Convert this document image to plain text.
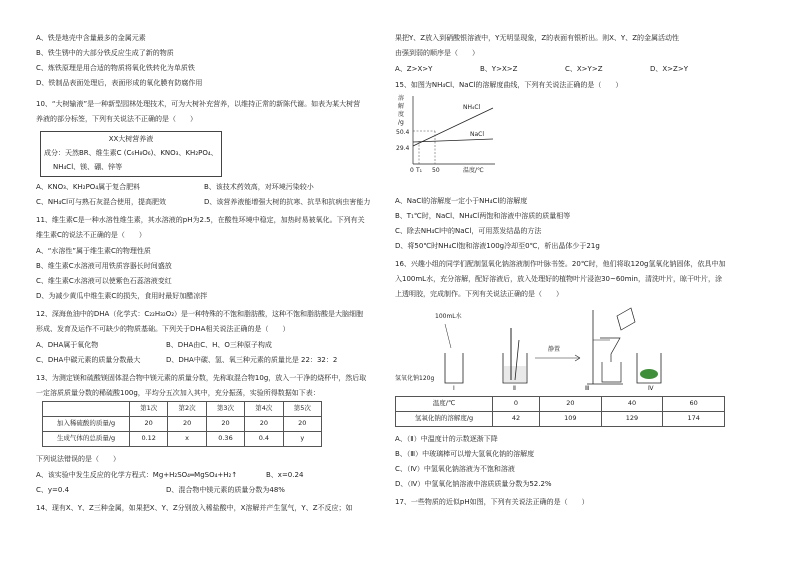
A、铁是地壳中含量最多的金属元素
B、铁生锈中的大部分铁反应生成了新的物质
C、炼铁原理是用合适的物质将氧化铁转化为单质铁
D、铁制品表面处理后，表面形成的氧化膜有防腐作用
10、“大树输液”是一种新型园林处理技术，可为大树补充营养，以维持正常的新陈代谢。如表为某大树营
养液的部分标签，下列有关说法不正确的是（　　）
XX大树营养液
成分：天然BR、维生素C (C₆H₈O₆)、KNO₃、KH₂PO₄、
NH₄Cl、镁、硼、锌等
A、KNO₃、KH₂PO₄属于复合肥料	B、该技术药效高，对环境污染较小
C、NH₄Cl可与熟石灰混合使用，提高肥效	D、该营养液能增强大树的抗寒、抗旱和抗病虫害能力
11、维生素C是一种水溶性维生素，其水溶液的pH为2.5，在酸性环境中稳定，加热时易被氧化。下列有关
维生素C的说法不正确的是（　　）
A、“水溶性”属于维生素C的物理性质
B、维生素C水溶液可用铁质容器长时间盛放
C、维生素C水溶液可以使紫色石蕊溶液变红
D、为减少黄瓜中维生素C的损失，食用时最好加醋凉拌
12、深海鱼油中的DHA（化学式：C₂₂H₃₂O₂）是一种特殊的不饱和脂肪酸，这种不饱和脂肪酸是大脑细胞
形成、发育及运作不可缺少的物质基础。下列关于DHA相关说法正确的是（　　）
A、DHA属于氧化物	B、DHA由C、H、O三种原子构成
C、DHA中碳元素的质量分数最大	D、DHA中碳、氢、氧三种元素的质量比是 22：32：2
13、为测定镁和硫酸镁固体混合物中镁元素的质量分数，先称取混合物10g，放入一干净的烧杯中，然后取
一定溶质质量分数的稀硫酸100g，平均分五次加入其中，充分振荡，实验所得数据如下表：
	第1次	第2次	第3次	第4次	第5次
加入稀硫酸的质量/g	20	20	20	20	20
生成气体的总质量/g	0.12	x	0.36	0.4	y
下列说法错误的是（　　）
A、该实验中发生反应的化学方程式：Mg+H₂SO₄═MgSO₄+H₂↑	B、x=0.24
C、y=0.4	D、混合物中镁元素的质量分数为48%
14、现有X、Y、Z三种金属，如果把X、Y、Z分别放入稀盐酸中，X溶解并产生氢气，Y、Z不反应；如
果把Y、Z放入到硝酸银溶液中，Y无明显现象，Z的表面有银析出。则X、Y、Z的金属活动性
由强到弱的顺序是（　　）
A、Z>X>Y	B、Y>X>Z	C、X>Y>Z	D、X>Z>Y
15、如图为NH₄Cl、NaCl的溶解度曲线，下列有关说法正确的是（　　）
溶
解
度
/g
50.4
29.4
0 T₁ 50	温度/℃
NH₄Cl
NaCl
A、NaCl的溶解度一定小于NH₄Cl的溶解度
B、T₁℃时，NaCl、NH₄Cl两饱和溶液中溶质的质量相等
C、除去NH₄Cl中的NaCl，可用蒸发结晶的方法
D、将50℃时NH₄Cl饱和溶液100g冷却至0℃，析出晶体少于21g
16、兴趣小组的同学们配制氢氧化钠溶液制作叶脉书签。20℃时，他们将取120g氢氧化钠固体，依具中加
入100mL水，充分溶解，配好溶液后，放入处理好的植物叶片浸泡30~60min，清洗叶片，晾干叶片，涂
上透明胶，完成制作。下列有关说法正确的是（　　）
100mL水
氢氧化钠120g
静置
Ⅰ	Ⅱ	Ⅲ	Ⅳ
温度/℃	0	20	40	60
氢氧化钠的溶解度/g	42	109	129	174
A、（Ⅱ）中温度计的示数逐渐下降
B、（Ⅲ）中玻璃棒可以增大氢氧化钠的溶解度
C、（Ⅳ）中氢氧化钠溶液为不饱和溶液
D、（Ⅳ）中氢氧化钠溶液中溶质质量分数为52.2%
17、一些物质的近似pH如图，下列有关说法正确的是（　　）
